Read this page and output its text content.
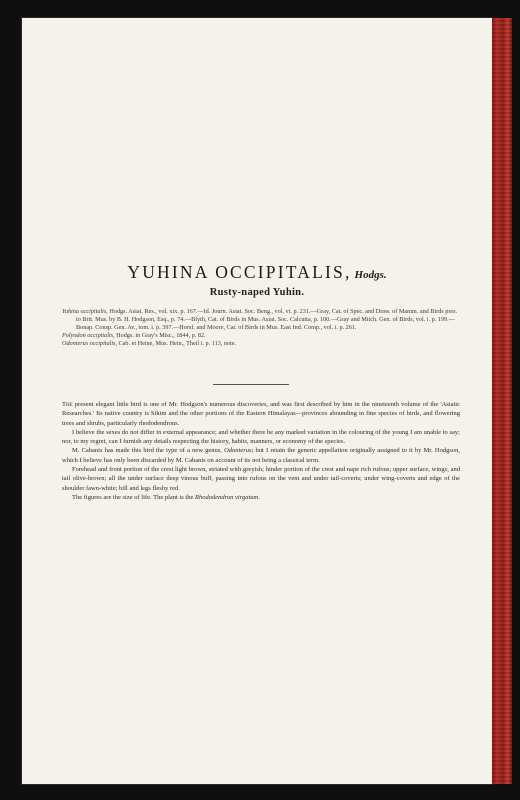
YUHINA OCCIPITALIS, Hodgs.
Rusty-naped Yuhin.

Yuhina occipitalis, Hodgs. Asiat. Res., vol. xix. p. 167.—Id. Journ. Asiat. Soc. Beng., vol. vi. p. 231.—Gray, Cat. of Spec. and Draw. of Mamm. and Birds pres. to Brit. Mus. by B. H. Hodgson, Esq., p. 74.—Blyth, Cat. of Birds in Mus. Asiat. Soc. Calcutta, p. 100.—Gray and Mitch. Gen. of Birds, vol. i. p. 199.—Bonap. Consp. Gen. Av., tom. i. p. 397.—Horsf. and Moore, Cat. of Birds in Mus. East Ind. Comp., vol. i. p. 261.

Polyodon occipitalis, Hodgs. in Gray's Misc., 1844, p. 82.

Odonterus occipitalis, Cab. et Heine, Mus. Hein., Theil i. p. 113, note.

The present elegant little bird is one of Mr. Hodgson's numerous discoveries, and was first described by him in the nineteenth volume of the 'Asiatic Researches.' Its native country is Sikim and the other portions of the Eastern Himalayas—provinces abounding in fine species of birds, and flowering trees and shrubs, particularly rhododendrons.

I believe the sexes do not differ in external appearance; and whether there be any marked variation in the colouring of the young I am unable to say; nor, to my regret, can I furnish any details respecting the history, habits, manners, or economy of the species.

M. Cabanis has made this bird the type of a new genus, Odonterus; but I retain the generic appellation originally assigned to it by Mr. Hodgson, which I believe has only been discarded by M. Cabanis on account of its not being a classical term.

Forehead and front portion of the crest light brown, striated with greyish; hinder portion of the crest and nape rich rufous; upper surface, wings, and tail olive-brown; all the under surface deep vinous buff, passing into rufous on the vent and under tail-coverts; under wing-coverts and edge of the shoulder fawn-white; bill and legs fleshy red.

The figures are the size of life. The plant is the Rhododendron virgatum.
